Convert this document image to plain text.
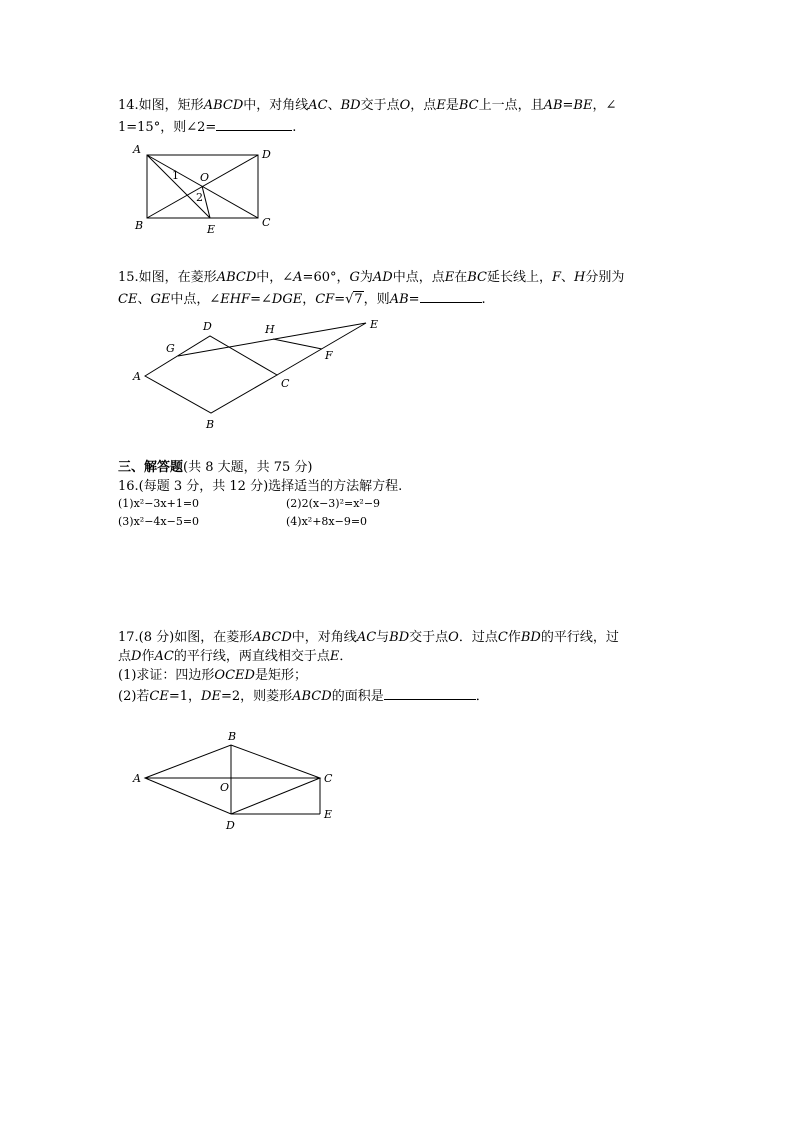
14.如图，矩形ABCD中，对角线AC、BD交于点O，点E是BC上一点，且AB=BE，∠
1=15°，则∠2=	.
A	D
B	C
E
O
1
2
D	H	E
G
F
A
C
B
B
A
O
C
D
E
15.如图，在菱形ABCD中，∠A=60°，G为AD中点，点E在BC延长线上，F、H分别为
CE、GE中点，∠EHF=∠DGE，CF=√7，则AB=	.
三、解答题(共 8 大题，共 75 分)
16.(每题 3 分，共 12 分)选择适当的方法解方程.
(1)x²−3x+1=0	(2)2(x−3)²=x²−9
(3)x²−4x−5=0	(4)x²+8x−9=0
17.(8 分)如图，在菱形ABCD中，对角线AC与BD交于点O．过点C作BD的平行线，过
点D作AC的平行线，两直线相交于点E．
(1)求证：四边形OCED是矩形；
(2)若CE=1，DE=2，则菱形ABCD的面积是	．
